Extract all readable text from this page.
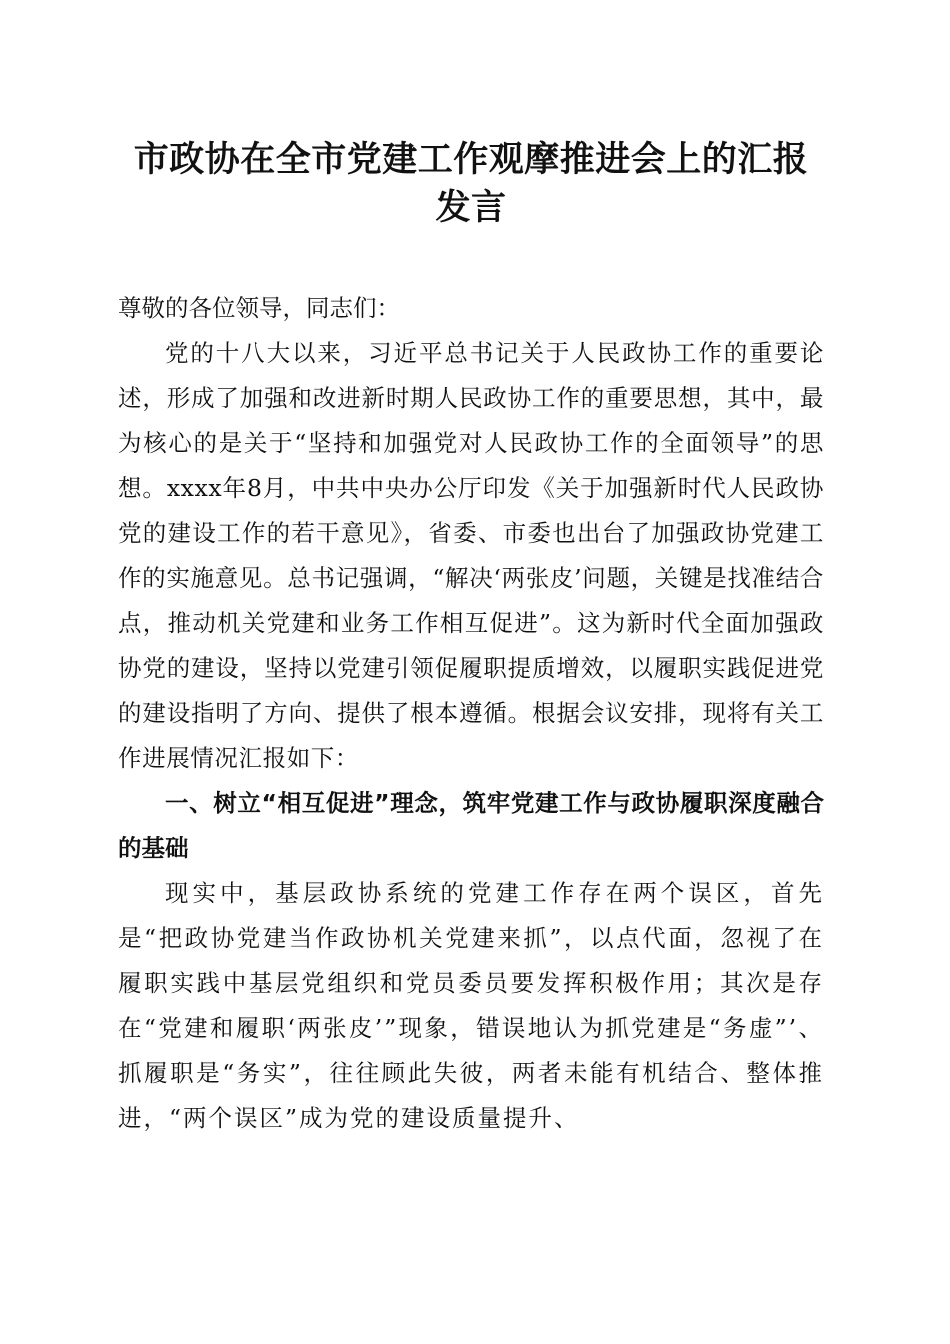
市政协在全市党建工作观摩推进会上的汇报发言

尊敬的各位领导，同志们：

党的十八大以来，习近平总书记关于人民政协工作的重要论述，形成了加强和改进新时期人民政协工作的重要思想，其中，最为核心的是关于“坚持和加强党对人民政协工作的全面领导”的思想。xxxx年8月，中共中央办公厅印发《关于加强新时代人民政协党的建设工作的若干意见》，省委、市委也出台了加强政协党建工作的实施意见。总书记强调，“解决‘两张皮’问题，关键是找准结合点，推动机关党建和业务工作相互促进”。这为新时代全面加强政协党的建设，坚持以党建引领促履职提质增效，以履职实践促进党的建设指明了方向、提供了根本遵循。根据会议安排，现将有关工作进展情况汇报如下：

一、树立“相互促进”理念，筑牢党建工作与政协履职深度融合的基础

现实中，基层政协系统的党建工作存在两个误区，首先是“把政协党建当作政协机关党建来抓”，以点代面，忽视了在履职实践中基层党组织和党员委员要发挥积极作用；其次是存在“党建和履职‘两张皮’”现象，错误地认为抓党建是“务虚”’、抓履职是“务实”，往往顾此失彼，两者未能有机结合、整体推进，“两个误区”成为党的建设质量提升、
